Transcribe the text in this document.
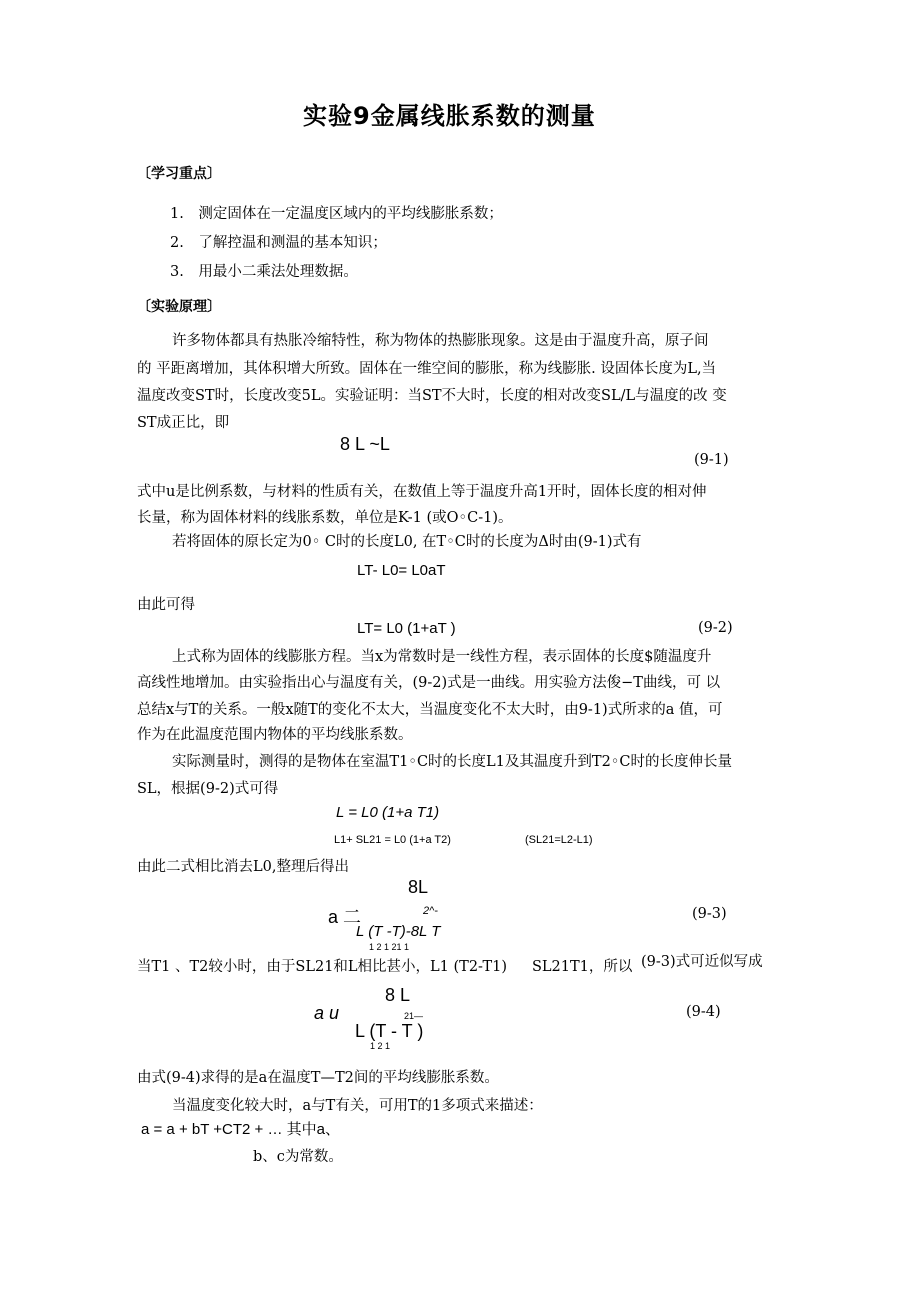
实验9金属线胀系数的测量
〔学习重点〕
1.　测定固体在一定温度区域内的平均线膨胀系数；
2.　了解控温和测温的基本知识；
3.　用最小二乘法处理数据。
〔实验原理〕
许多物体都具有热胀冷缩特性，称为物体的热膨胀现象。这是由于温度升高，原子间
的 平距离增加，其体积增大所致。固体在一维空间的膨胀，称为线膨胀. 设固体长度为L,当
温度改变ST时，长度改变5L。实验证明：当ST不大时，长度的相对改变SL/L与温度的改 变
ST成正比，即
8 L ~L
(9-1)
式中u是比例系数，与材料的性质有关，在数值上等于温度升高1开时，固体长度的相对伸
长量，称为固体材料的线胀系数，单位是K-1 (或O◦C-1)。
若将固体的原长定为0◦ C时的长度L0, 在T◦C时的长度为Δ时由(9-1)式有
LT- L0= L0aT
由此可得
LT= L0 (1+aT )	(9-2)
上式称为固体的线膨胀方程。当x为常数时是一线性方程，表示固体的长度$随温度升
高线性地增加。由实验指出心与温度有关，(9-2)式是一曲线。用实验方法俊−T曲线，可 以
总结x与T的关系。一般x随T的变化不太大，当温度变化不太大时，由9-1)式所求的a 值，可
作为在此温度范围内物体的平均线胀系数。
实际测量时，测得的是物体在室温T1◦C时的长度L1及其温度升到T2◦C时的长度伸长量
SL，根据(9-2)式可得
L = L0 (1+a T1)
L1+ SL21 = L0 (1+a T2)	(SL21=L2-L1)
由此二式相比消去L0,整理后得出
8L
a 二	2^-
L (T -T)-8L T
1 2 1 21 1
(9-3)
当T1 、T2较小时，由于SL21和L相比甚小，L1 (T2-T1) SL21T1，所以 (9-3)式可近似写成
8 L
a u	21—
L (T - T )
1 2 1
(9-4)
由式(9-4)求得的是a在温度T—T2间的平均线膨胀系数。
当温度变化较大时，a与T有关，可用T的1多项式来描述：
a = a + bT +CT2 + … 其中a、
b、c为常数。
